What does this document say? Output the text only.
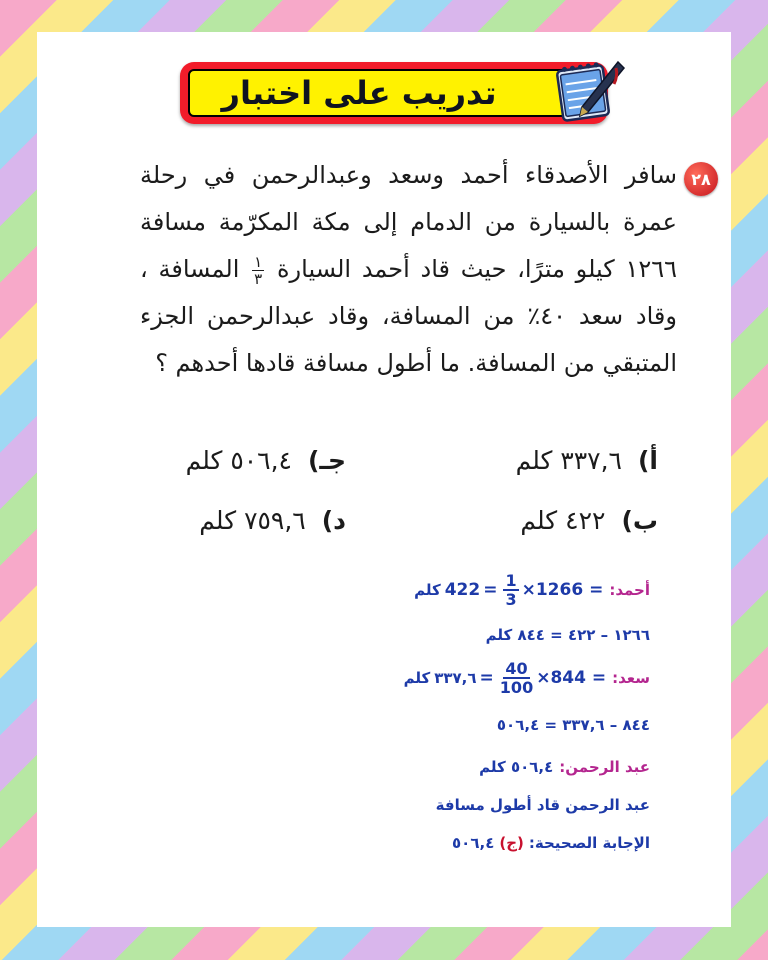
تدريب على اختبار
٢٨
سافر الأصدقاء أحمد وسعد وعبدالرحمن في رحلة عمرة بالسيارة من الدمام إلى مكة المكرّمة مسافة ١٢٦٦ كيلو مترًا، حيث قاد أحمد السيارة
$\frac{١}{٣}$
المسافة ، وقاد سعد ٤٠٪ من المسافة، وقاد عبدالرحمن الجزء المتبقي من المسافة. ما أطول مسافة قادها أحدهم ؟
أ)٣٣٧,٦ كلم
جـ)٥٠٦,٤ كلم
ب)٤٢٢ كلم
د)٧٥٩,٦ كلم
أحمد:
كلم $422 = \frac{1}{3} \times 1266$ =
١٢٦٦ – ٤٢٢ = ٨٤٤ كلم
سعد:
كلم ٣٣٧,٦ = $\frac{40}{100} \times 844$ =
٨٤٤ – ٣٣٧,٦ = ٥٠٦,٤
عبد الرحمن:
٥٠٦,٤ كلم
عبد الرحمن قاد أطول مسافة
الإجابة الصحيحة:
(ج)
٥٠٦,٤
